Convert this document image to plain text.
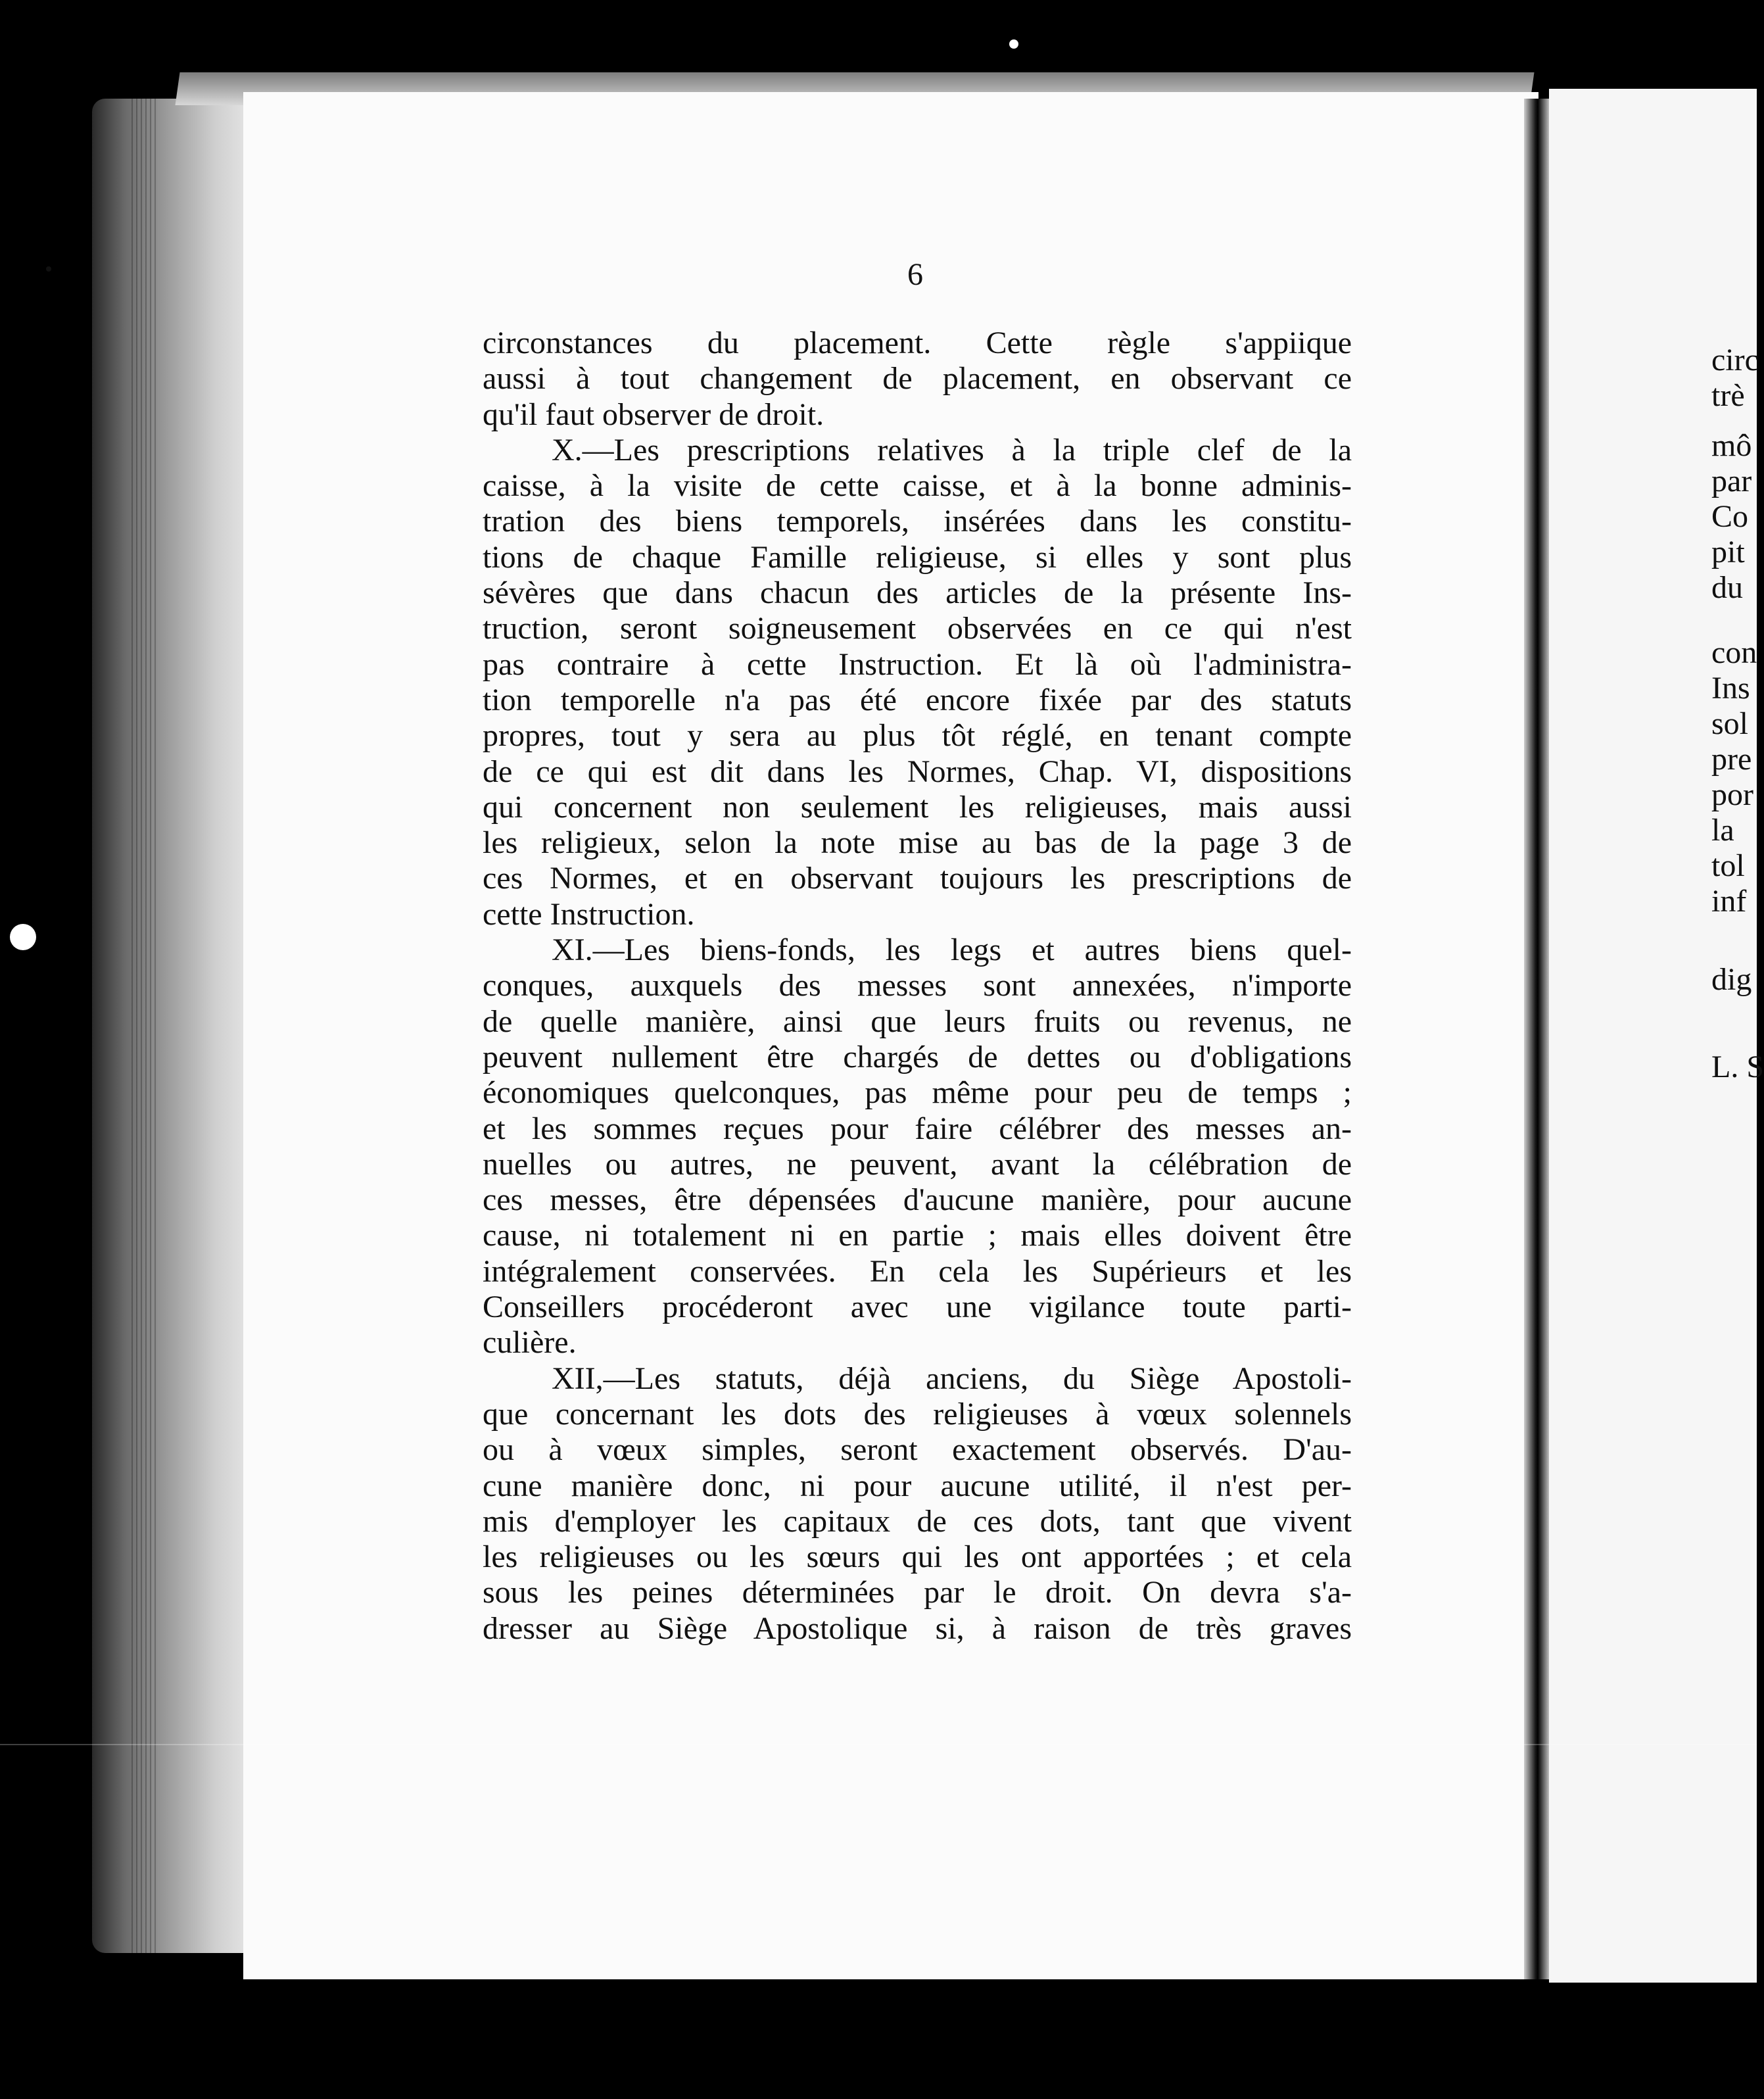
6
circonstances du placement. Cette règle s'appiique
aussi à tout changement de placement, en observant ce
qu'il faut observer de droit.
X.—Les prescriptions relatives à la triple clef de la
caisse, à la visite de cette caisse, et à la bonne adminis-
tration des biens temporels, insérées dans les constitu-
tions de chaque Famille religieuse, si elles y sont plus
sévères que dans chacun des articles de la présente Ins-
truction, seront soigneusement observées en ce qui n'est
pas contraire à cette Instruction. Et là où l'administra-
tion temporelle n'a pas été encore fixée par des statuts
propres, tout y sera au plus tôt réglé, en tenant compte
de ce qui est dit dans les Normes, Chap. VI, dispositions
qui concernent non seulement les religieuses, mais aussi
les religieux, selon la note mise au bas de la page 3 de
ces Normes, et en observant toujours les prescriptions de
cette Instruction.
XI.—Les biens-fonds, les legs et autres biens quel-
conques, auxquels des messes sont annexées, n'importe
de quelle manière, ainsi que leurs fruits ou revenus, ne
peuvent nullement être chargés de dettes ou d'obligations
économiques quelconques, pas même pour peu de temps ;
et les sommes reçues pour faire célébrer des messes an-
nuelles ou autres, ne peuvent, avant la célébration de
ces messes, être dépensées d'aucune manière, pour aucune
cause, ni totalement ni en partie ; mais elles doivent être
intégralement conservées. En cela les Supérieurs et les
Conseillers procéderont avec une vigilance toute parti-
culière.
XII,—Les statuts, déjà anciens, du Siège Apostoli-
que concernant les dots des religieuses à vœux solennels
ou à vœux simples, seront exactement observés. D'au-
cune manière donc, ni pour aucune utilité, il n'est per-
mis d'employer les capitaux de ces dots, tant que vivent
les religieuses ou les sœurs qui les ont apportées ; et cela
sous les peines déterminées par le droit. On devra s'a-
dresser au Siège Apostolique si, à raison de très graves
circ
trè
mô
par
Co
pit
du
con
Ins
sol
pre
por
la
tol
inf
dig
L. S
